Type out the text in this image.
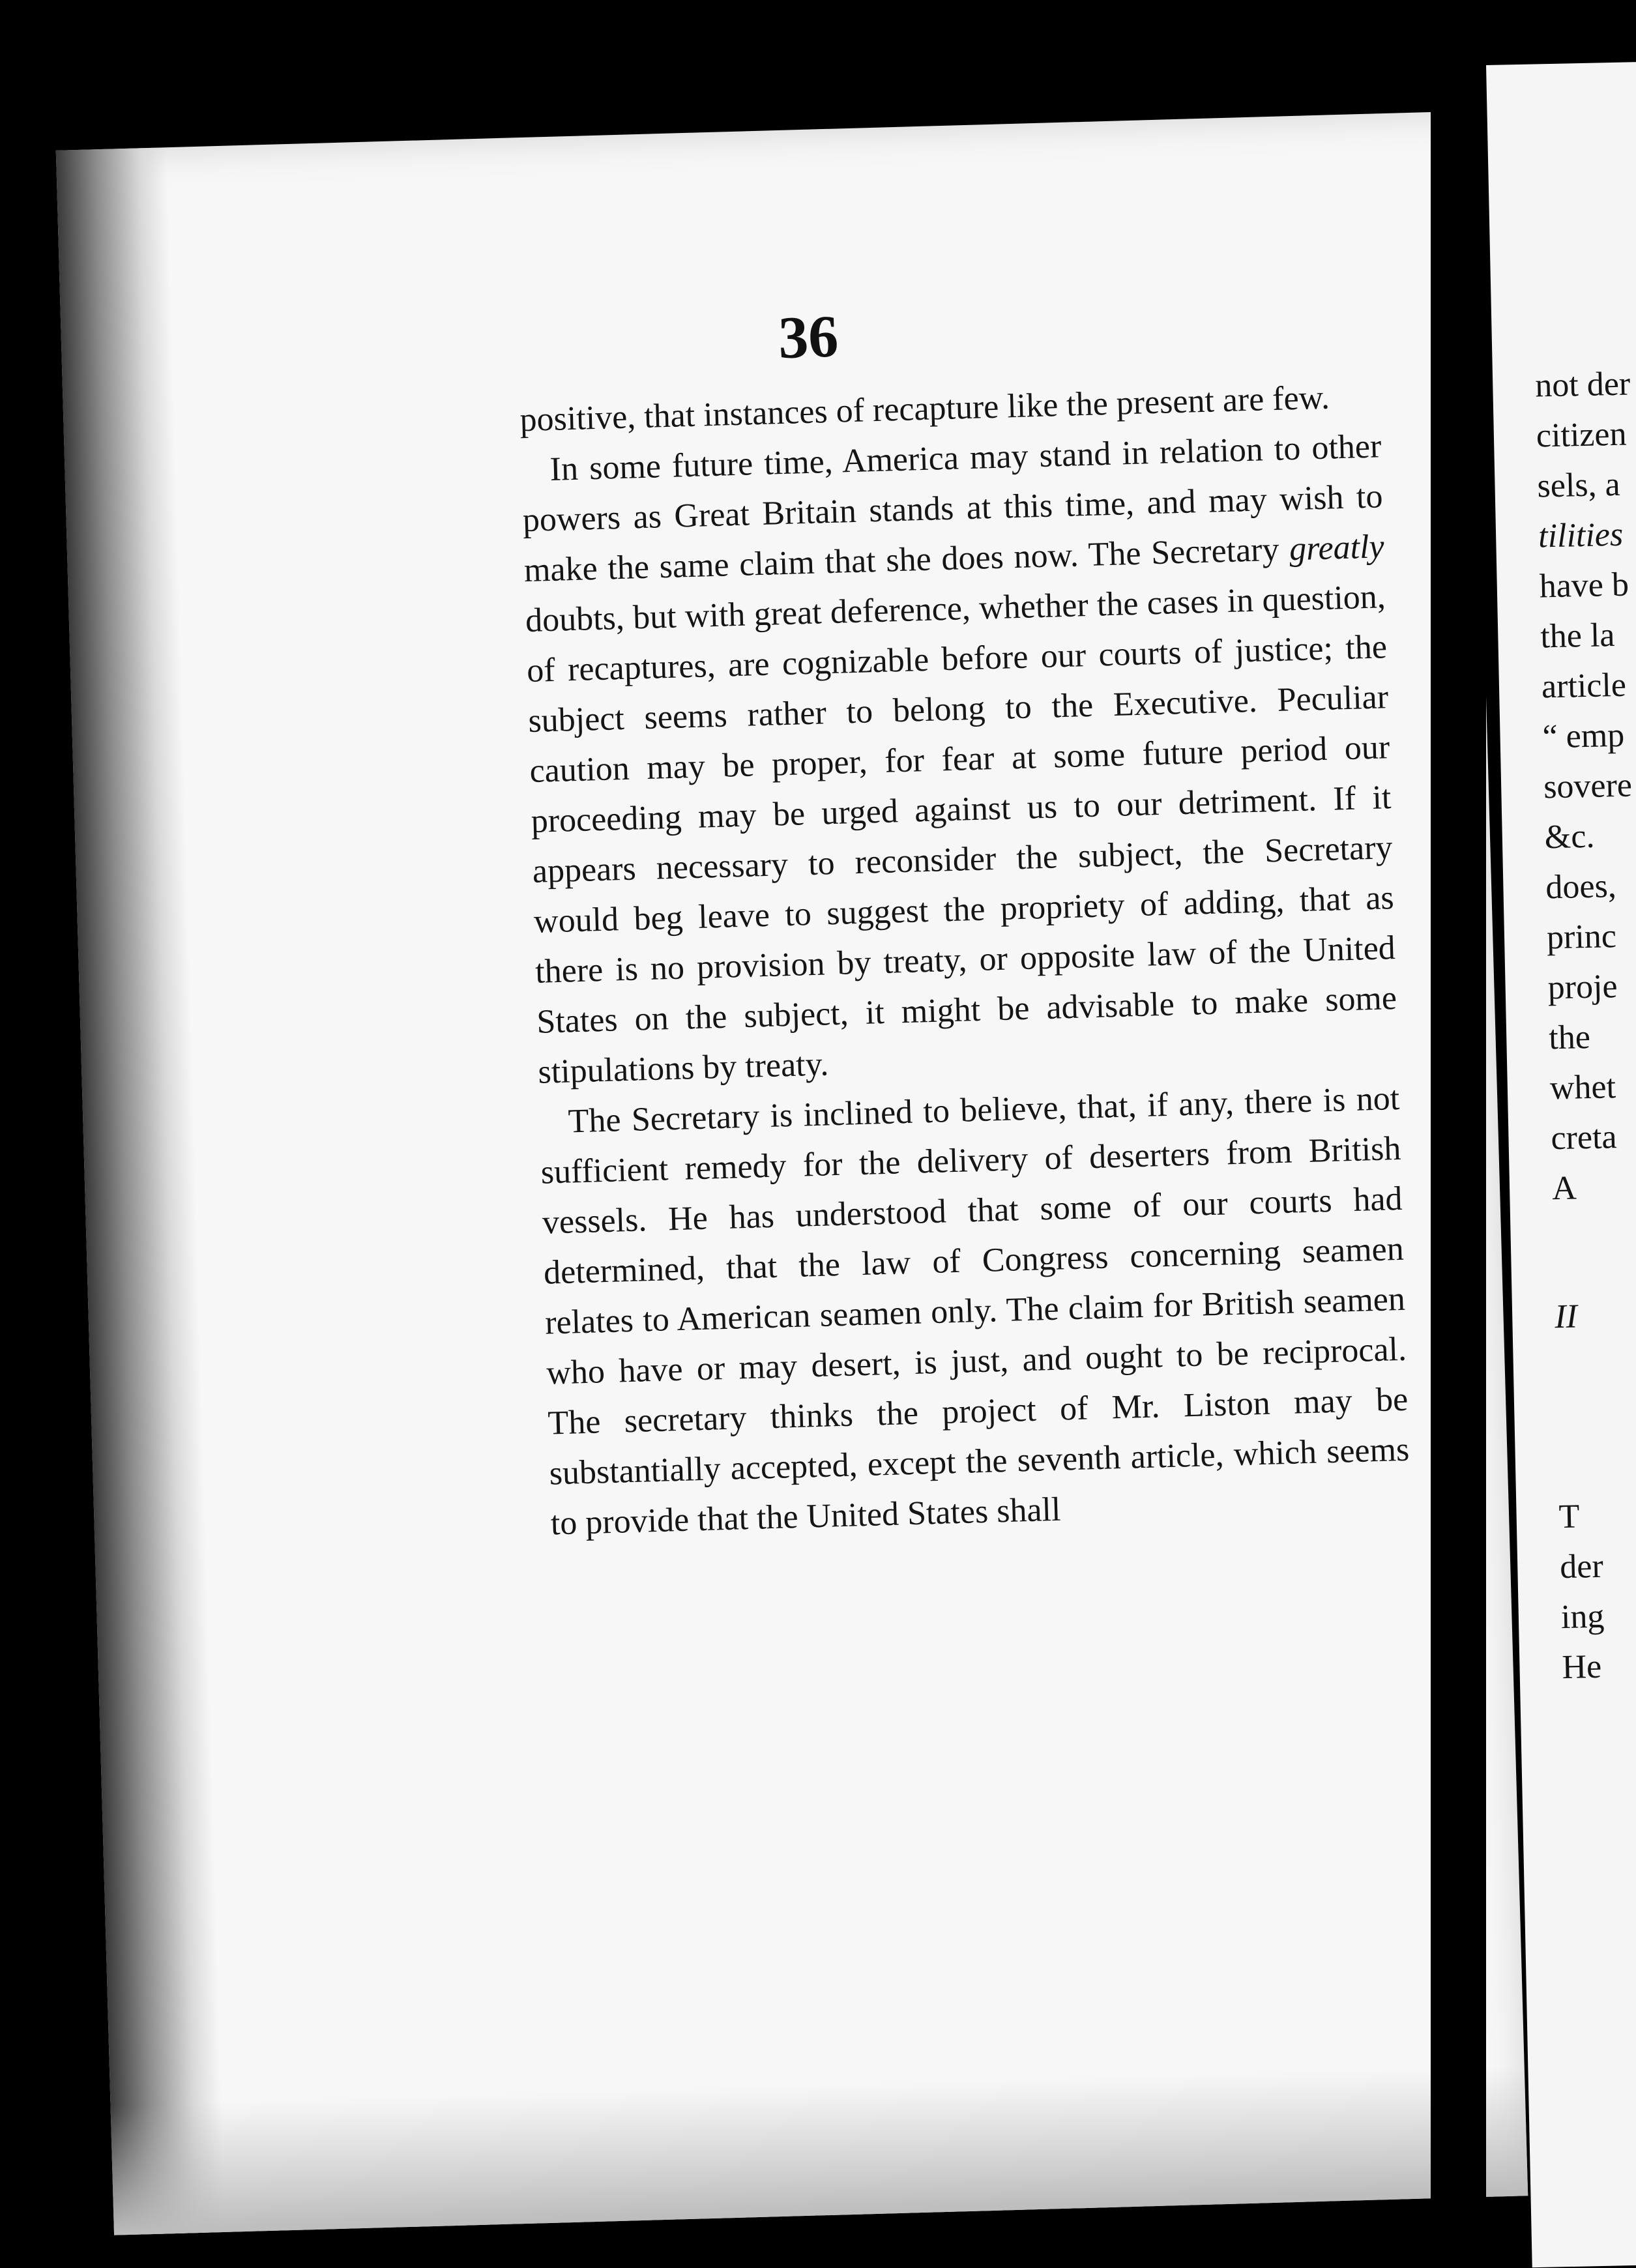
36

positive, that instances of recapture like the present are few.

In some future time, America may stand in relation to other powers as Great Britain stands at this time, and may wish to make the same claim that she does now. The Secretary greatly doubts, but with great deference, whether the cases in question, of recaptures, are cognizable before our courts of justice; the subject seems rather to belong to the Executive. Peculiar caution may be proper, for fear at some future period our proceeding may be urged against us to our detriment. If it appears necessary to reconsider the subject, the Secretary would beg leave to suggest the propriety of adding, that as there is no provision by treaty, or opposite law of the United States on the subject, it might be advisable to make some stipulations by treaty.

The Secretary is inclined to believe, that, if any, there is not sufficient remedy for the delivery of deserters from British vessels. He has understood that some of our courts had determined, that the law of Congress concerning seamen relates to American seamen only. The claim for British seamen who have or may desert, is just, and ought to be reciprocal. The secretary thinks the project of Mr. Liston may be substantially accepted, except the seventh article, which seems to provide that the United States shall

not der
citizen
sels, a
tilities
have b
the la
article
“ emp
sovere
&c.
does,
princ
proje
the
whet
creta
A
II
T
der
ing
He
